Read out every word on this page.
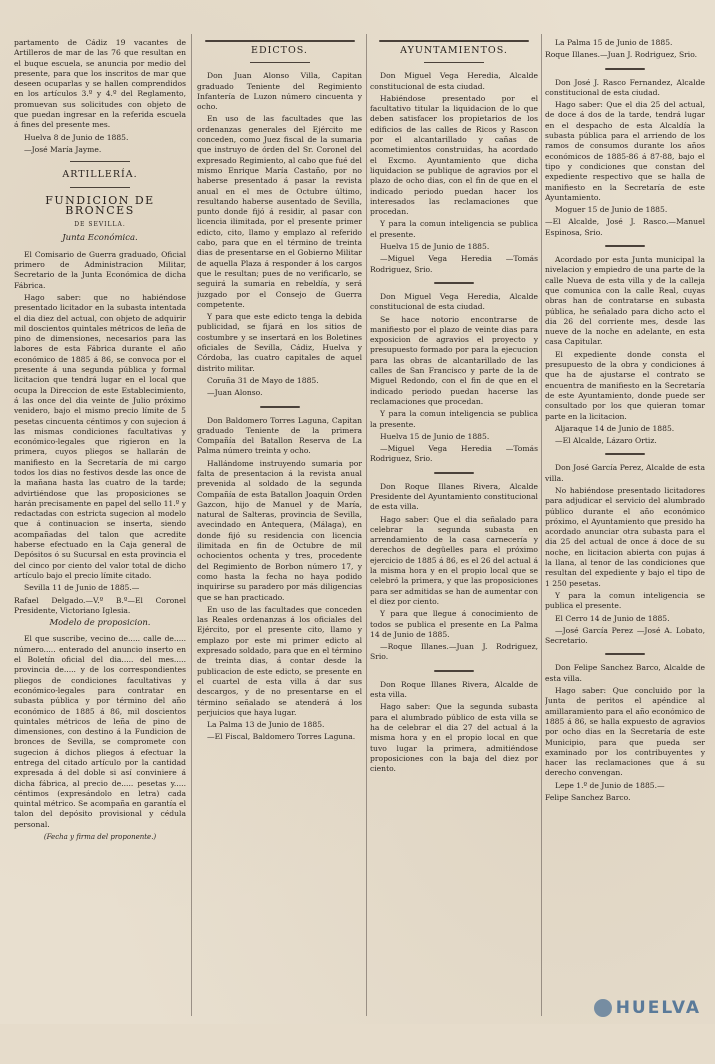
partamento de Cádiz 19 vacantes de Artilleros de mar de las 76 que resultan en el buque escuela, se anuncia por medio del presente, para que los inscritos de mar que deseen ocuparlas y se hallen comprendidos en los artículos 3.º y 4.º del Reglamento, promuevan sus solicitudes con objeto de que puedan ingresar en la referida escuela á fines del presente mes.

Huelva 8 de Junio de 1885.

—José María Jayme.

ARTILLERÍA.
FUNDICION DE BRONCES
DE SEVILLA.
Junta Económica.

El Comisario de Guerra graduado, Oficial primero de Administracion Militar, Secretario de la Junta Económica de dicha Fábrica.

Hago saber: que no habiéndose presentado licitador en la subasta intentada el dia diez del actual, con objeto de adquirir mil doscientos quintales métricos de leña de pino de dimensiones, necesarios para las labores de esta Fábrica durante el año económico de 1885 á 86, se convoca por el presente á una segunda pública y formal licitacion que tendrá lugar en el local que ocupa la Direccion de este Establecimiento, á las once del dia veinte de Julio próximo venidero, bajo el mismo precio límite de 5 pesetas cincuenta céntimos y con sujecion á las mismas condiciones facultativas y económico-legales que rigieron en la primera, cuyos pliegos se hallarán de manifiesto en la Secretaría de mi cargo todos los dias no festivos desde las once de la mañana hasta las cuatro de la tarde; advirtiéndose que las proposiciones se harán precisamente en papel del sello 11.º y redactadas con estricta sugecion al modelo que á continuacion se inserta, siendo acompañadas del talon que acredite haberse efectuado en la Caja general de Depósitos ó su Sucursal en esta provincia el del cinco por ciento del valor total de dicho artículo bajo el precio límite citado.

Sevilla 11 de Junio de 1885.—

Rafael Delgado.—V.º B.º—El Coronel Presidente, Victoriano Iglesia.

Modelo de proposicion.

El que suscribe, vecino de..... calle de..... número..... enterado del anuncio inserto en el Boletín oficial del dia..... del mes..... provincia de..... y de los correspondientes pliegos de condiciones facultativas y económico-legales para contratar en subasta pública y por término del año económico de 1885 á 86, mil doscientos quintales métricos de leña de pino de dimensiones, con destino á la Fundicion de bronces de Sevilla, se compromete con sugecion á dichos pliegos á efectuar la entrega del citado artículo por la cantidad expresada á del doble si así conviniere á dicha fábrica, al precio de..... pesetas y..... céntimos (expresándolo en letra) cada quintal métrico. Se acompaña en garantía el talon del depósito provisional y cédula personal.

(Fecha y firma del proponente.)
EDICTOS.

Don Juan Alonso Villa, Capitan graduado Teniente del Regimiento Infantería de Luzon número cincuenta y ocho.

En uso de las facultades que las ordenanzas generales del Ejército me conceden, como Juez fiscal de la sumaria que instruyo de órden del Sr. Coronel del expresado Regimiento, al cabo que fué del mismo Enrique María Castaño, por no haberse presentado á pasar la revista anual en el mes de Octubre último, resultando haberse ausentado de Sevilla, punto donde fijó á residir, al pasar con licencia ilimitada, por el presente primer edicto, cito, llamo y emplazo al referido cabo, para que en el término de treinta dias de presentarse en el Gobierno Militar de aquella Plaza á responder á los cargos que le resultan; pues de no verificarlo, se seguirá la sumaria en rebeldía, y será juzgado por el Consejo de Guerra competente.

Y para que este edicto tenga la debida publicidad, se fijará en los sitios de costumbre y se insertará en los Boletines oficiales de Sevilla, Cádiz, Huelva y Córdoba, las cuatro capitales de aquel distrito militar.

Coruña 31 de Mayo de 1885.

—Juan Alonso.

Don Baldomero Torres Laguna, Capitan graduado Teniente de la primera Compañía del Batallon Reserva de La Palma número treinta y ocho.

Hallándome instruyendo sumaria por falta de presentacion á la revista anual prevenida al soldado de la segunda Compañía de esta Batallon Joaquin Orden Gazcon, hijo de Manuel y de María, natural de Salteras, provincia de Sevilla, avecindado en Antequera, (Málaga), en donde fijó su residencia con licencia ilimitada en fin de Octubre de mil ochocientos ochenta y tres, procedente del Regimiento de Borbon número 17, y como hasta la fecha no haya podido inquirirse su paradero por más diligencias que se han practicado.

En uso de las facultades que conceden las Reales ordenanzas á los oficiales del Ejército, por el presente cito, llamo y emplazo por este mi primer edicto al expresado soldado, para que en el término de treinta dias, á contar desde la publicacion de este edicto, se presente en el cuartel de esta villa á dar sus descargos, y de no presentarse en el término señalado se atenderá á los perjuicios que haya lugar.

La Palma 13 de Junio de 1885.

—El Fiscal, Baldomero Torres Laguna.

AYUNTAMIENTOS.

Don Miguel Vega Heredia, Alcalde constitucional de esta ciudad.

Habiéndose presentado por el facultativo titular la liquidacion de lo que deben satisfacer los propietarios de los edificios de las calles de Ricos y Rascon por el alcantarillado y cañas de acometimientos construidas, ha acordado el Excmo. Ayuntamiento que dicha liquidacion se publique de agravios por el plazo de ocho dias, con el fin de que en el indicado periodo puedan hacer los interesados las reclamaciones que procedan.

Y para la comun inteligencia se publica el presente.

Huelva 15 de Junio de 1885.

—Miguel Vega Heredia —Tomás Rodriguez, Srio.

Don Miguel Vega Heredia, Alcalde constitucional de esta ciudad.

Se hace notorio encontrarse de manifiesto por el plazo de veinte dias para exposicion de agravios el proyecto y presupuesto formado por para la ejecucion para las obras de alcantarillado de las calles de San Francisco y parte de la de Miguel Redondo, con el fin de que en el indicado periodo puedan hacerse las reclamaciones que procedan.

Y para la comun inteligencia se publica la presente.

Huelva 15 de Junio de 1885.

—Miguel Vega Heredia —Tomás Rodriguez, Srio.

Don Roque Illanes Rivera, Alcalde Presidente del Ayuntamiento constitucional de esta villa.

Hago saber: Que el dia señalado para celebrar la segunda subasta en arrendamiento de la casa carnecería y derechos de degüelles para el próximo ejercicio de 1885 á 86, es el 26 del actual á la misma hora y en el propio local que se celebró la primera, y que las proposiciones para ser admitidas se han de aumentar con el diez por ciento.

Y para que llegue á conocimiento de todos se publica el presente en La Palma 14 de Junio de 1885.

—Roque Illanes.—Juan J. Rodriguez, Srio.

Don Roque Illanes Rivera, Alcalde de esta villa.

Hago saber: Que la segunda subasta para el alumbrado público de esta villa se ha de celebrar el dia 27 del actual á la misma hora y en el propio local en que tuvo lugar la primera, admitiéndose proposiciones con la baja del diez por ciento.

La Palma 15 de Junio de 1885.

Roque Illanes.—Juan J. Rodriguez, Srio.

Don José J. Rasco Fernandez, Alcalde constitucional de esta ciudad.

Hago saber: Que el dia 25 del actual, de doce á dos de la tarde, tendrá lugar en el despacho de esta Alcaldía la subasta pública para el arriendo de los ramos de consumos durante los años económicos de 1885-86 á 87-88, bajo el tipo y condiciones que constan del expediente respectivo que se halla de manifiesto en la Secretaría de este Ayuntamiento.

Moguer 15 de Junio de 1885.

—El Alcalde, José J. Rasco.—Manuel Espinosa, Srio.

Acordado por esta Junta municipal la nivelacion y empiedro de una parte de la calle Nueva de esta villa y de la calleja que comunica con la calle Real, cuyas obras han de contratarse en subasta pública, he señalado para dicho acto el dia 26 del corriente mes, desde las nueve de la noche en adelante, en esta casa Capitular.

El expediente donde consta el presupuesto de la obra y condiciones á que ha de ajustarse el contrato se encuentra de manifiesto en la Secretaría de este Ayuntamiento, donde puede ser consultado por los que quieran tomar parte en la licitacion.

Aljaraque 14 de Junio de 1885.

—El Alcalde, Lázaro Ortiz.

Don José García Perez, Alcalde de esta villa.

No habiéndose presentado licitadores para adjudicar el servicio del alumbrado público durante el año económico próximo, el Ayuntamiento que presido ha acordado anunciar otra subasta para el dia 25 del actual de once á doce de su noche, en licitacion abierta con pujas á la llana, al tenor de las condiciones que resultan del expediente y bajo el tipo de 1 250 pesetas.

Y para la comun inteligencia se publica el presente.

El Cerro 14 de Junio de 1885.

—José García Perez —José A. Lobato, Secretario.

Don Felipe Sanchez Barco, Alcalde de esta villa.

Hago saber: Que concluido por la Junta de peritos el apéndice al amillaramiento para el año económico de 1885 á 86, se halla expuesto de agravios por ocho dias en la Secretaría de este Municipio, para que pueda ser examinado por los contribuyentes y hacer las reclamaciones que á su derecho convengan.

Lepe 1.º de Junio de 1885.—

Felipe Sanchez Barco.

HUELVA
